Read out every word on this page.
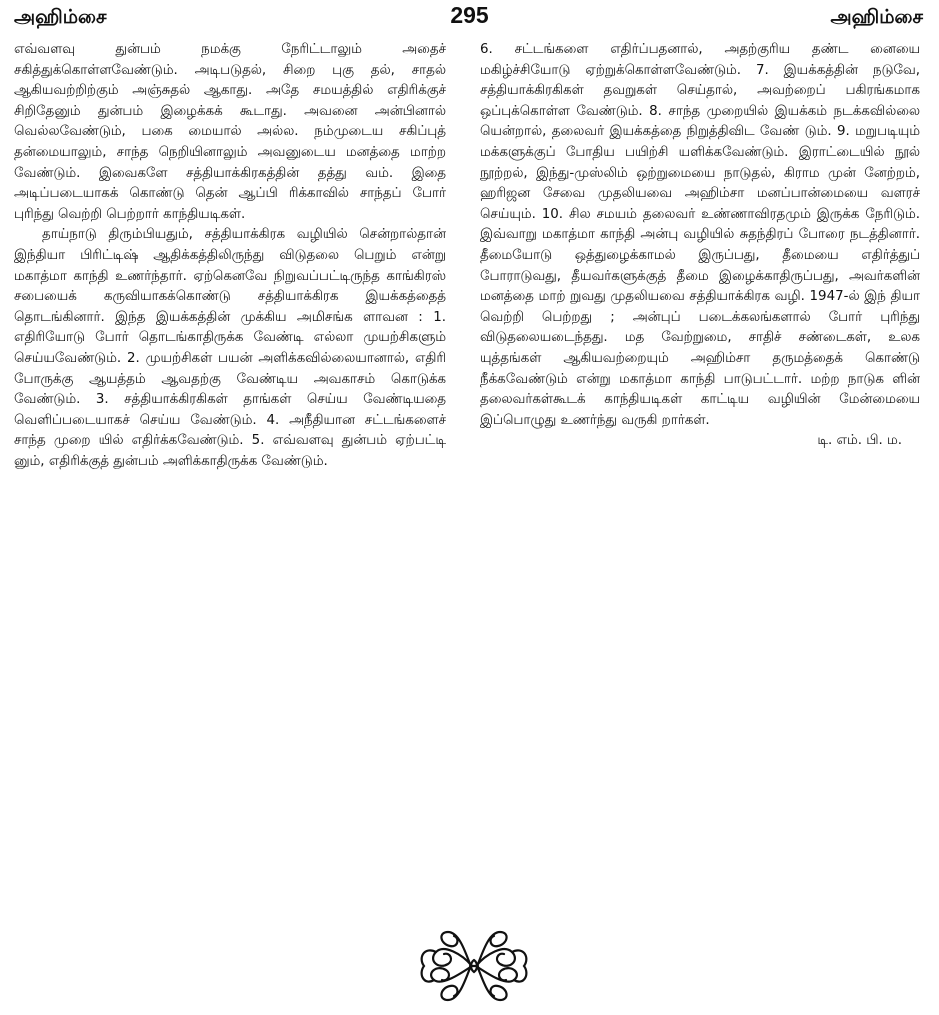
அஹிம்சை	295	அஹிம்சை

எவ்வளவு துன்பம் நமக்கு நேரிட்டாலும் அதைச் சகித்துக்கொள்ளவேண்டும். அடிபடுதல், சிறை புகு தல், சாதல் ஆகியவற்றிற்கும் அஞ்சுதல் ஆகாது. அதே சமயத்தில் எதிரிக்குச் சிறிதேனும் துன்பம் இழைக்கக் கூடாது. அவனை அன்பினால் வெல்லவேண்டும், பகை மையால் அல்ல. நம்முடைய சகிப்புத் தன்மையாலும், சாந்த நெறியினாலும் அவனுடைய மனத்தை மாற்ற வேண்டும். இவைகளே சத்தியாக்கிரகத்தின் தத்து வம். இதை அடிப்படையாகக் கொண்டு தென் ஆப்பி ரிக்காவில் சாந்தப் போர் புரிந்து வெற்றி பெற்றார் காந்தியடிகள்.

தாய்நாடு திரும்பியதும், சத்தியாக்கிரக வழியில் சென்றால்தான் இந்தியா பிரிட்டிஷ் ஆதிக்கத்திலிருந்து விடுதலை பெறும் என்று மகாத்மா காந்தி உணர்ந்தார். ஏற்கெனவே நிறுவப்பட்டிருந்த காங்கிரஸ் சபையைக் கருவியாகக்கொண்டு சத்தியாக்கிரக இயக்கத்தைத் தொடங்கினார். இந்த இயக்கத்தின் முக்கிய அமிசங்க ளாவன : 1. எதிரியோடு போர் தொடங்காதிருக்க வேண்டி எல்லா முயற்சிகளும் செய்யவேண்டும். 2. முயற்சிகள் பயன் அளிக்கவில்லையானால், எதிரி போருக்கு ஆயத்தம் ஆவதற்கு வேண்டிய அவகாசம் கொடுக்க வேண்டும். 3. சத்தியாக்கிரகிகள் தாங்கள் செய்ய வேண்டியதை வெளிப்படையாகச் செய்ய வேண்டும். 4. அநீதியான சட்டங்களைச் சாந்த முறை யில் எதிர்க்கவேண்டும். 5. எவ்வளவு துன்பம் ஏற்பட்டி னும், எதிரிக்குத் துன்பம் அளிக்காதிருக்க வேண்டும்.

6. சட்டங்களை எதிர்ப்பதனால், அதற்குரிய தண்ட னையை மகிழ்ச்சியோடு ஏற்றுக்கொள்ளவேண்டும். 7. இயக்கத்தின் நடுவே, சத்தியாக்கிரகிகள் தவறுகள் செய்தால், அவற்றைப் பகிரங்கமாக ஒப்புக்கொள்ள வேண்டும். 8. சாந்த முறையில் இயக்கம் நடக்கவில்லை யென்றால், தலைவர் இயக்கத்தை நிறுத்திவிட வேண் டும். 9. மறுபடியும் மக்களுக்குப் போதிய பயிற்சி யளிக்கவேண்டும். இராட்டையில் நூல் நூற்றல், இந்து-முஸ்லிம் ஒற்றுமையை நாடுதல், கிராம முன் னேற்றம், ஹரிஜன சேவை முதலியவை அஹிம்சா மனப்பான்மையை வளரச் செய்யும். 10. சில சமயம் தலைவர் உண்ணாவிரதமும் இருக்க நேரிடும். இவ்வாறு மகாத்மா காந்தி அன்பு வழியில் சுதந்திரப் போரை நடத்தினார். தீமையோடு ஒத்துழைக்காமல் இருப்பது, தீமையை எதிர்த்துப் போராடுவது, தீயவர்களுக்குத் தீமை இழைக்காதிருப்பது, அவர்களின் மனத்தை மாற் றுவது முதலியவை சத்தியாக்கிரக வழி. 1947-ல் இந் தியா வெற்றி பெற்றது ; அன்புப் படைக்கலங்களால் போர் புரிந்து விடுதலையடைந்தது. மத வேற்றுமை, சாதிச் சண்டைகள், உலக யுத்தங்கள் ஆகியவற்றையும் அஹிம்சா தருமத்தைக் கொண்டு நீக்கவேண்டும் என்று மகாத்மா காந்தி பாடுபட்டார். மற்ற நாடுக ளின் தலைவர்கள்கூடக் காந்தியடிகள் காட்டிய வழியின் மேன்மையை இப்பொழுது உணர்ந்து வருகி றார்கள்.

டி. எம். பி. ம.
